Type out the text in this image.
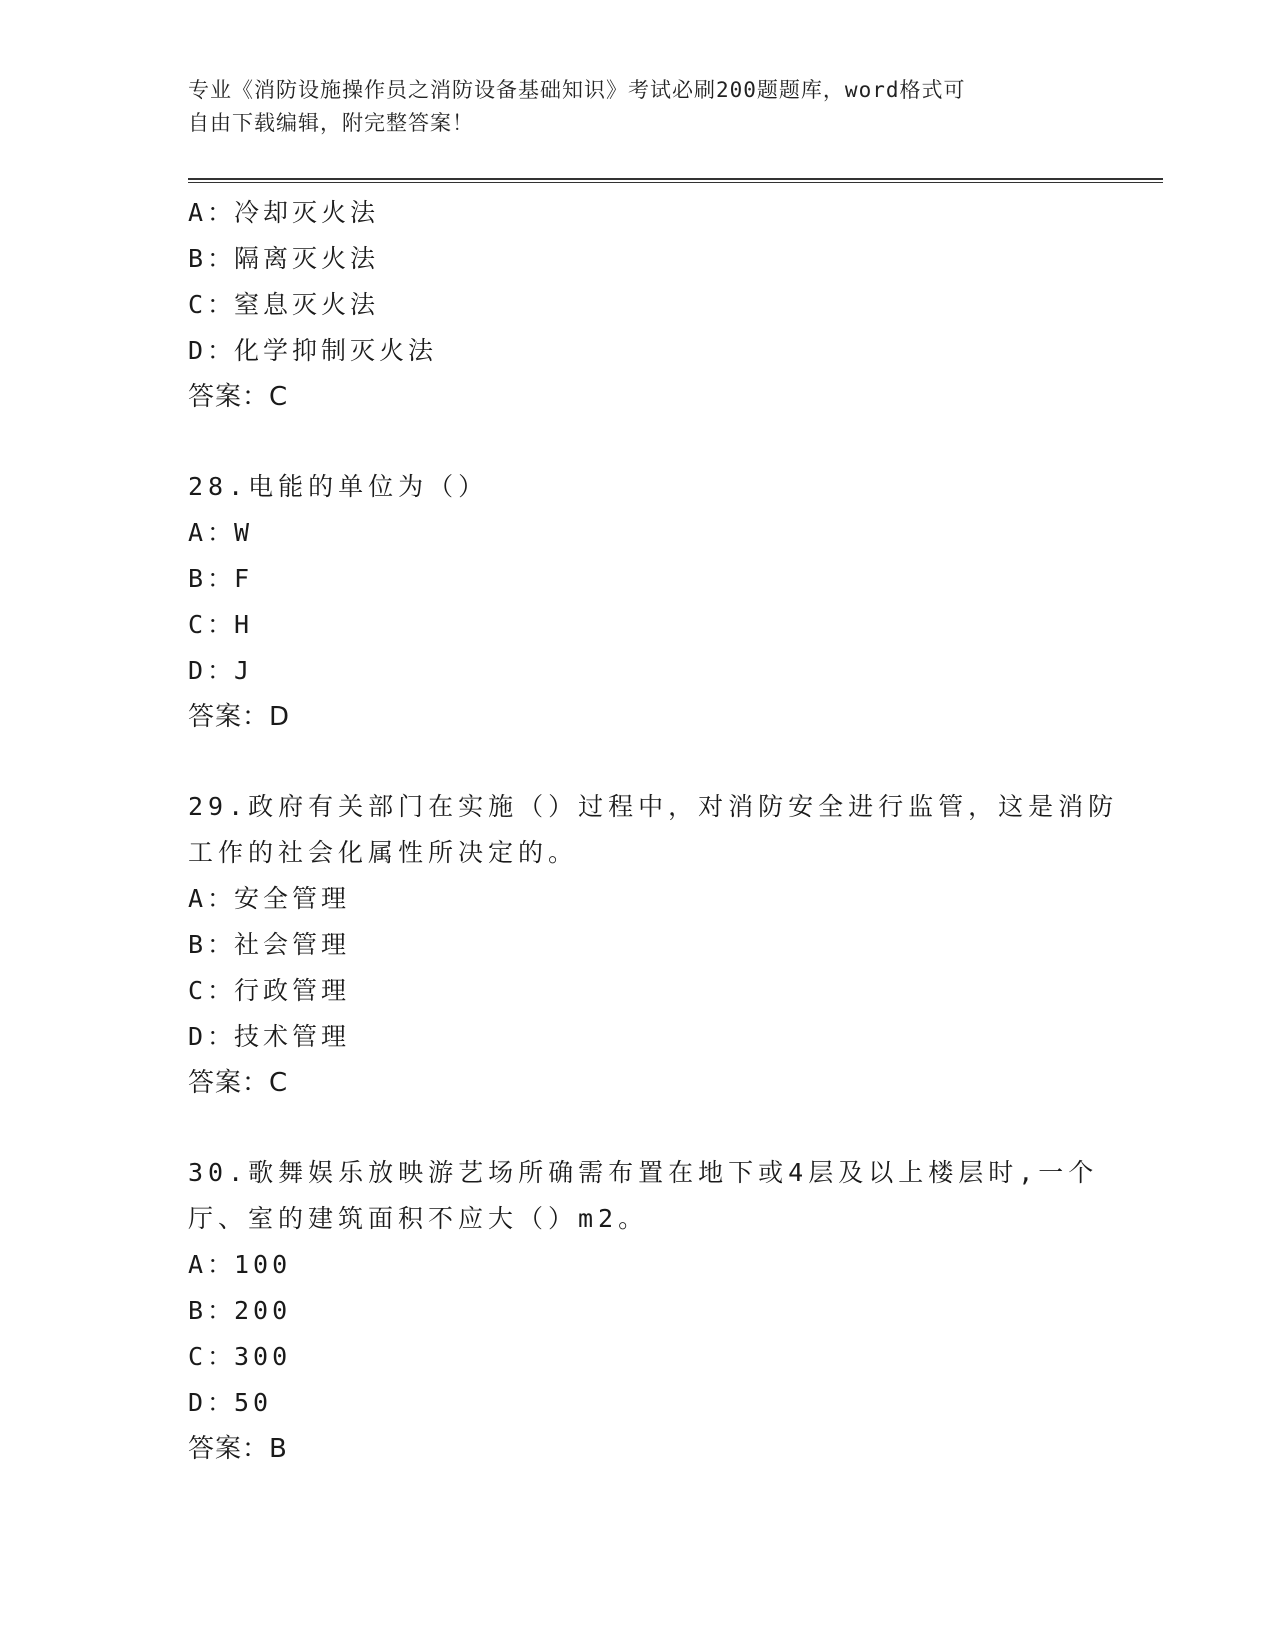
专业《消防设施操作员之消防设备基础知识》考试必刷200题题库，word格式可
自由下载编辑，附完整答案！
A：冷却灭火法
B：隔离灭火法
C：窒息灭火法
D：化学抑制灭火法
答案：C
28.电能的单位为（）
A：W
B：F
C：H
D：J
答案：D
29.政府有关部门在实施（）过程中，对消防安全进行监管，这是消防
工作的社会化属性所决定的。
A：安全管理
B：社会管理
C：行政管理
D：技术管理
答案：C
30.歌舞娱乐放映游艺场所确需布置在地下或4层及以上楼层时,一个
厅、室的建筑面积不应大（）m2。
A：100
B：200
C：300
D：50
答案：B
